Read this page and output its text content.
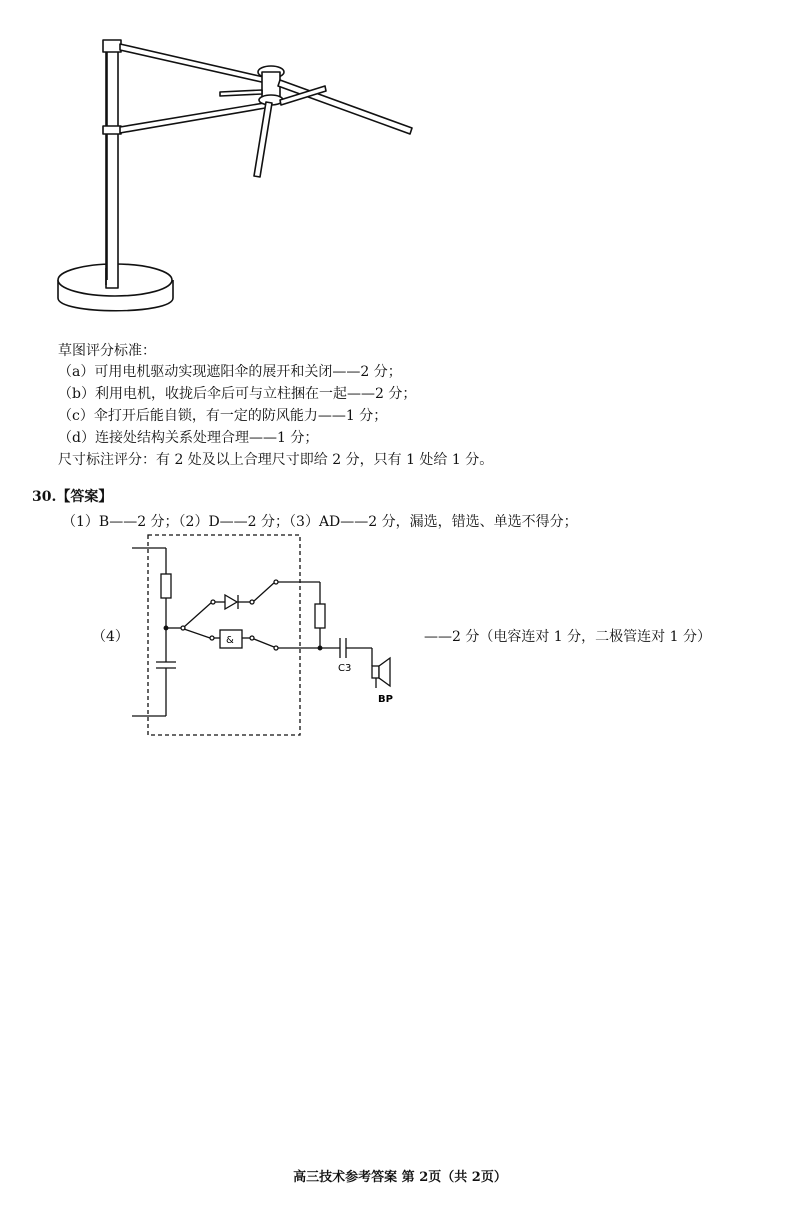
草图评分标准：
（a）可用电机驱动实现遮阳伞的展开和关闭——2 分；
（b）利用电机，收拢后伞后可与立柱捆在一起——2 分；
（c）伞打开后能自锁，有一定的防风能力——1 分；
（d）连接处结构关系处理合理——1 分；
尺寸标注评分：有 2 处及以上合理尺寸即给 2 分，只有 1 处给 1 分。
30.【答案】
（1）B——2 分；（2）D——2 分；（3）AD——2 分，漏选，错选、单选不得分；
（4）	——2 分（电容连对 1 分，二极管连对 1 分）
&
C3
BP
高三技术参考答案 第 2页（共 2页）
